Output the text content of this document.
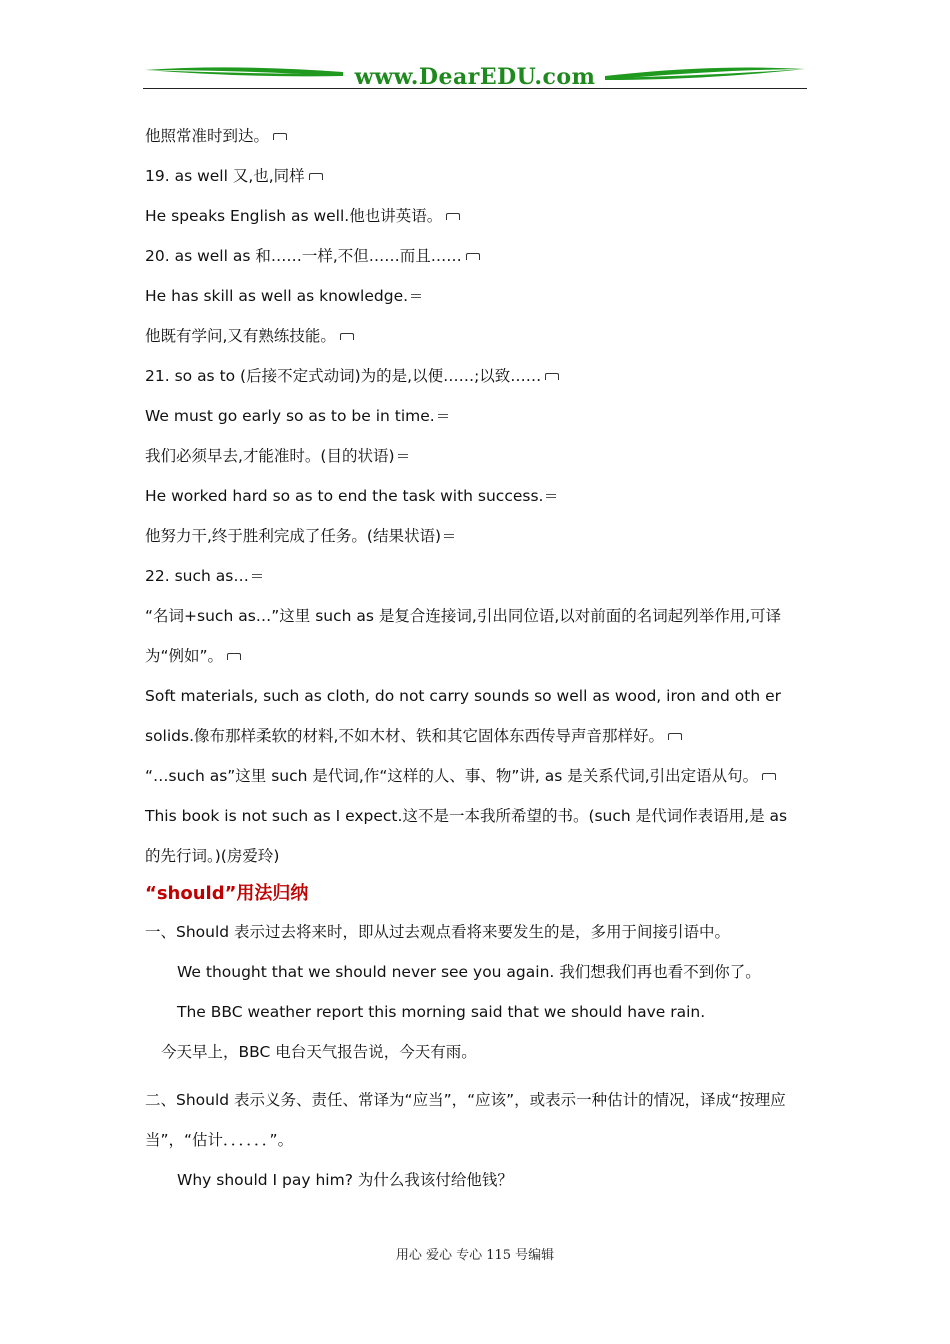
www.DearEDU.com
他照常准时到达。
19. as well 又,也,同样
He speaks English as well.他也讲英语。
20. as well as 和……一样,不但……而且……
He has skill as well as knowledge.
他既有学问,又有熟练技能。
21. so as to (后接不定式动词)为的是,以便……;以致……
We must go early so as to be in time.
我们必须早去,才能准时。(目的状语)
He worked hard so as to end the task with success.
他努力干,终于胜利完成了任务。(结果状语)
22. such as…
“名词+such as…”这里 such as 是复合连接词,引出同位语,以对前面的名词起列举作用,可译
为“例如”。
Soft materials, such as cloth, do not carry sounds so well as wood, iron and oth er
solids.像布那样柔软的材料,不如木材、铁和其它固体东西传导声音那样好。
“…such as”这里 such 是代词,作“这样的人、事、物”讲, as 是关系代词,引出定语从句。
This book is not such as I expect.这不是一本我所希望的书。(such 是代词作表语用,是 as
的先行词。)(房爱玲)
“should”用法归纳
一、Should 表示过去将来时，即从过去观点看将来要发生的是，多用于间接引语中。
We thought that we should never see you again. 我们想我们再也看不到你了。
The BBC weather report this morning said that we should have rain.
今天早上，BBC 电台天气报告说，今天有雨。
二、Should 表示义务、责任、常译为“应当”，“应该”，或表示一种估计的情况，译成“按理应
当”，“估计．．．．．．”。
Why should I pay him? 为什么我该付给他钱？
用心 爱心 专心 115 号编辑
